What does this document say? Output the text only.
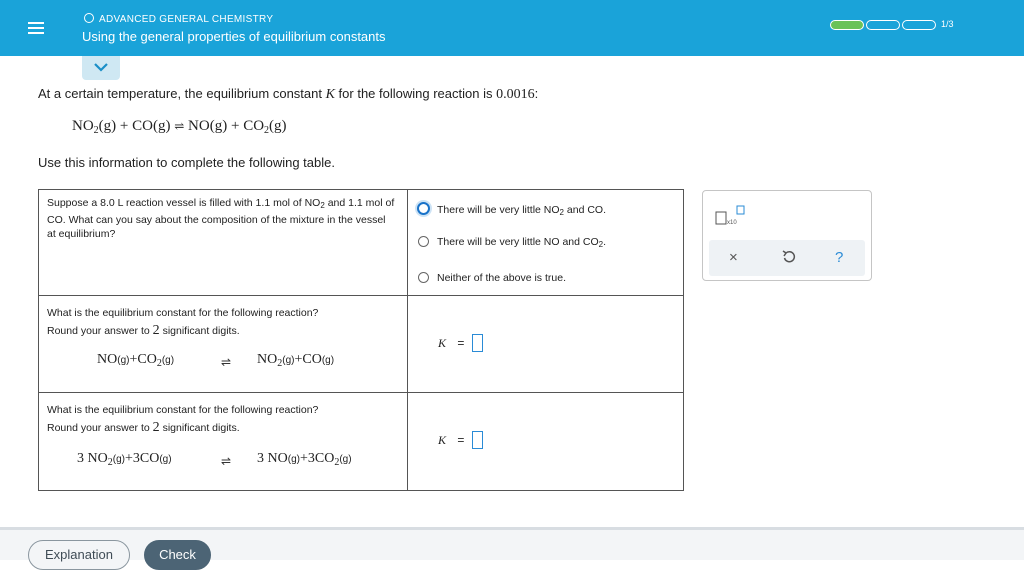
ADVANCED GENERAL CHEMISTRY
Using the general properties of equilibrium constants
1/3
At a certain temperature, the equilibrium constant K for the following reaction is 0.0016:
$NO_2(g) + CO(g)$ ⇌ $NO(g) + CO_2(g)$
Use this information to complete the following table.
Suppose a 8.0 L reaction vessel is filled with 1.1 mol of $NO_2$ and 1.1 mol of CO. What can you say about the composition of the mixture in the vessel at equilibrium?
There will be very little $NO_2$ and CO.
There will be very little NO and $CO_2$.
Neither of the above is true.
What is the equilibrium constant for the following reaction?
Round your answer to 2 significant digits.
$NO(g)+CO_2(g)$	⇌ $NO_2(g)+CO(g)$
K =
What is the equilibrium constant for the following reaction?
Round your answer to 2 significant digits.
3 $NO_2(g)+3CO(g)$	⇌ 3 $NO(g)+3CO_2(g)$
K =
x10
×	?
Explanation	Check
